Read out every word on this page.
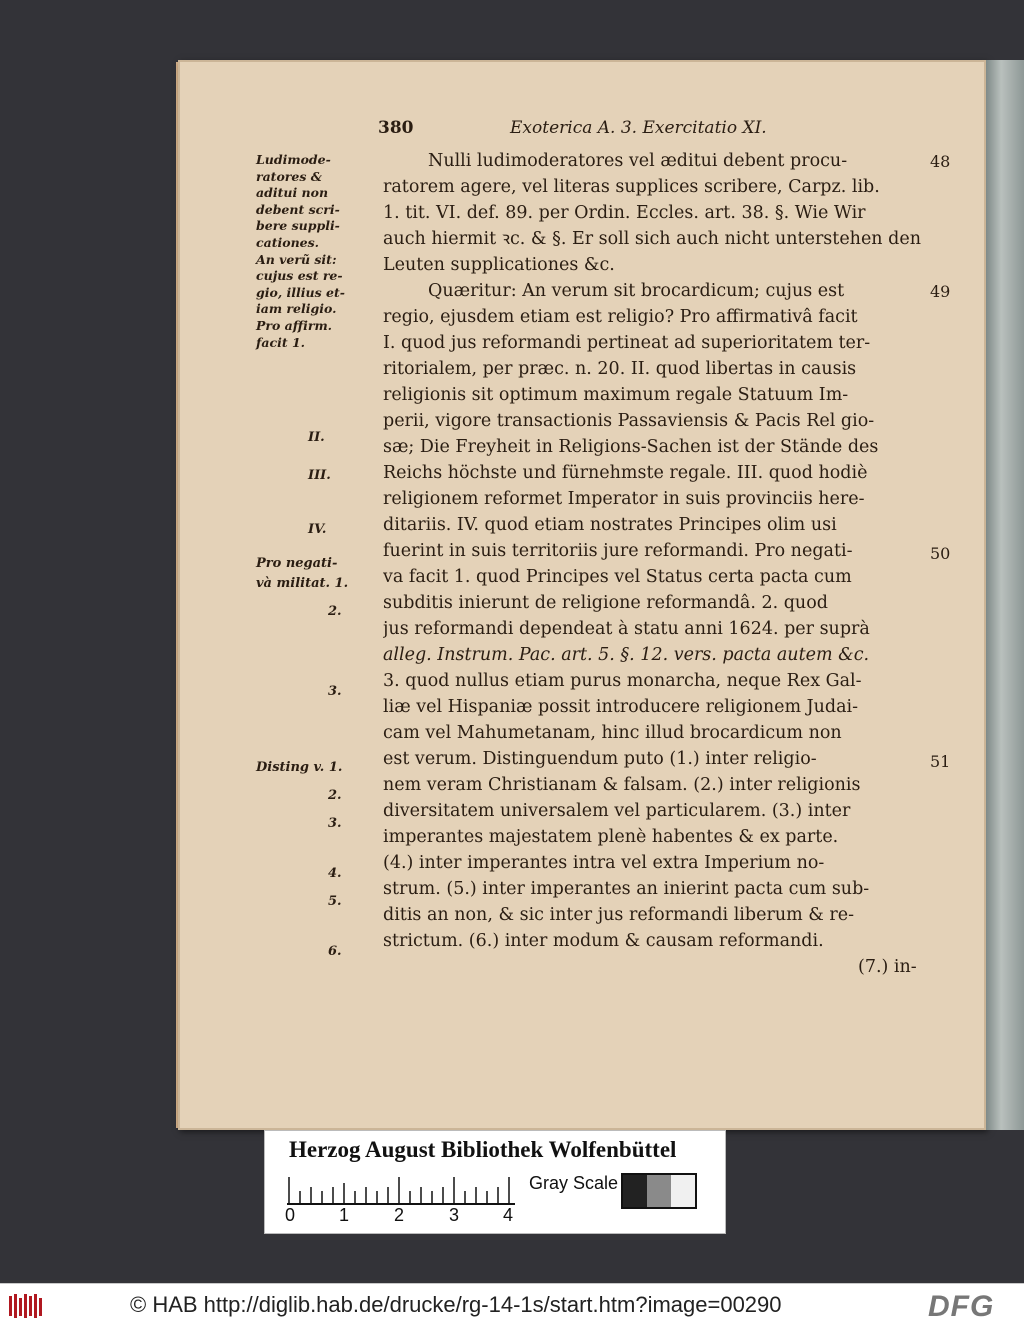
380	Exoterica A. 3. Exercitatio XI.
Ludimode-
ratores &
aditui non
debent scri-
bere suppli-
cationes.
An verũ sit:
cujus est re-
gio, illius et-
iam religio.
Pro affirm.
facit 1.
II.
III.
IV.
Pro negati-
và militat. 1.
2.
3.
Disting v. 1.
2.
3.
4.
5.
6.
48
49
50
51
Nulli ludimoderatores vel æditui debent procu-
ratorem agere, vel literas supplices scribere, Carpz. lib.
1. tit. VI. def. 89. per Ordin. Eccles. art. 38. §. Wie Wir
auch hiermit ꝛc. & §. Er soll sich auch nicht unterstehen den
Leuten supplicationes &c.
Quæritur: An verum sit brocardicum; cujus est
regio, ejusdem etiam est religio? Pro affirmativâ facit
I. quod jus reformandi pertineat ad superioritatem ter-
ritorialem, per præc. n. 20. II. quod libertas in causis
religionis sit optimum maximum regale Statuum Im-
perii, vigore transactionis Passaviensis & Pacis Rel gio-
sæ; Die Freyheit in Religions-Sachen ist der Stände des
Reichs höchste und fürnehmste regale. III. quod hodiè
religionem reformet Imperator in suis provinciis here-
ditariis. IV. quod etiam nostrates Principes olim usi
fuerint in suis territoriis jure reformandi. Pro negati-
va facit 1. quod Principes vel Status certa pacta cum
subditis inierunt de religione reformandâ. 2. quod
jus reformandi dependeat à statu anni 1624. per suprà
alleg. Instrum. Pac. art. 5. §. 12. vers. pacta autem &c.
3. quod nullus etiam purus monarcha, neque Rex Gal-
liæ vel Hispaniæ possit introducere religionem Judai-
cam vel Mahumetanam, hinc illud brocardicum non
est verum. Distinguendum puto (1.) inter religio-
nem veram Christianam & falsam. (2.) inter religionis
diversitatem universalem vel particularem. (3.) inter
imperantes majestatem plenè habentes & ex parte.
(4.) inter imperantes intra vel extra Imperium no-
strum. (5.) inter imperantes an inierint pacta cum sub-
ditis an non, & sic inter jus reformandi liberum & re-
strictum. (6.) inter modum & causam reformandi.
(7.) in-
Herzog August Bibliothek Wolfenbüttel
0 1 2 3 4
Gray Scale
© HAB http://diglib.hab.de/drucke/rg-14-1s/start.htm?image=00290	DFG
